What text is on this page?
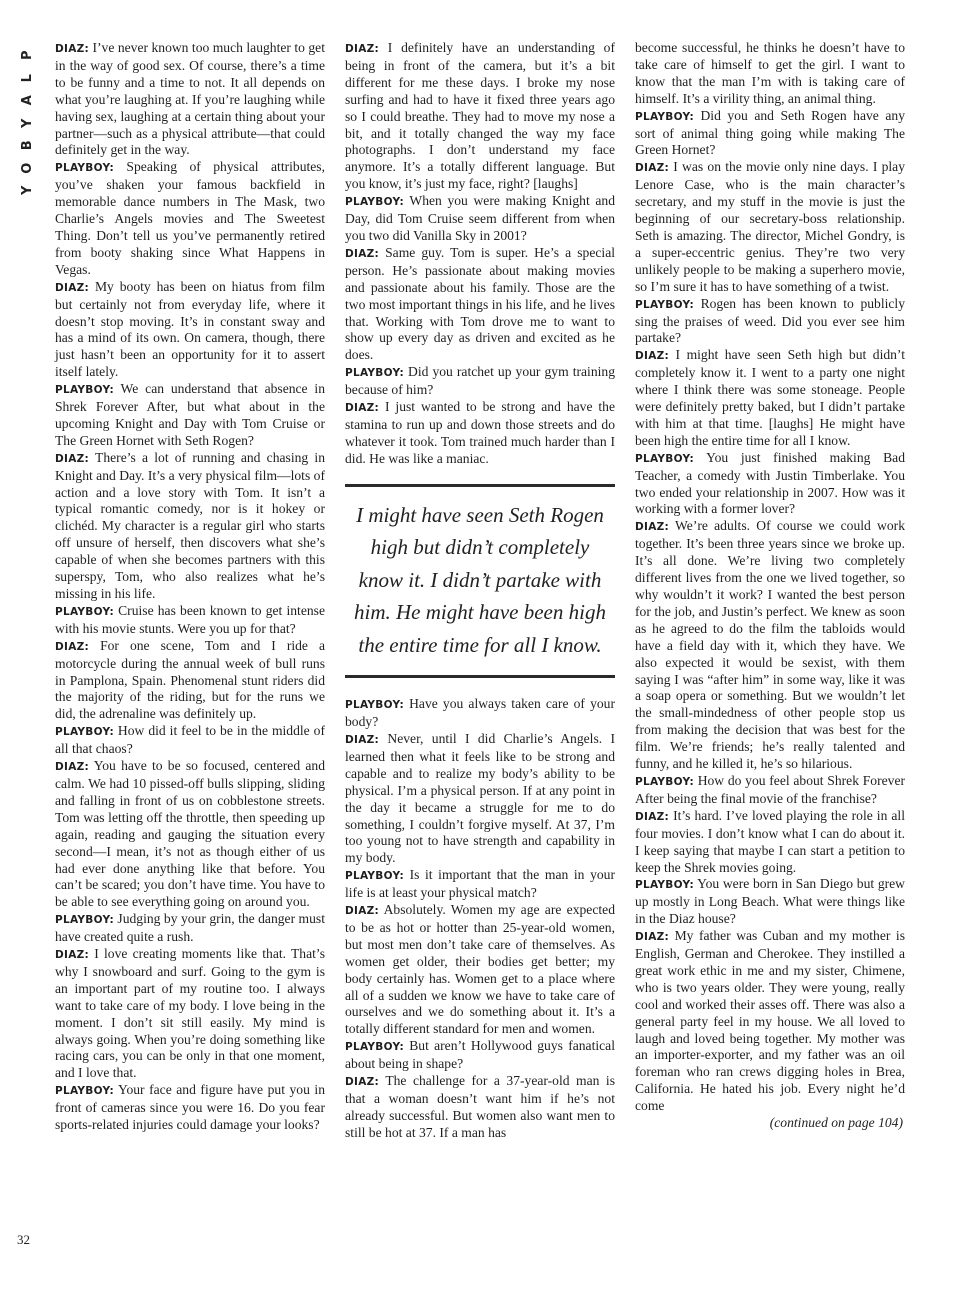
P
L
A
Y
B
O
Y

DIAZ: I’ve never known too much laughter to get in the way of good sex. Of course, there’s a time to be funny and a time to not. It all depends on what you’re laughing at. If you’re laughing while having sex, laughing at a certain thing about your partner—such as a physical attribute—that could definitely get in the way.

PLAYBOY: Speaking of physical attributes, you’ve shaken your famous backfield in memorable dance numbers in The Mask, two Charlie’s Angels movies and The Sweetest Thing. Don’t tell us you’ve permanently retired from booty shaking since What Happens in Vegas.

DIAZ: My booty has been on hiatus from film but certainly not from everyday life, where it doesn’t stop moving. It’s in constant sway and has a mind of its own. On camera, though, there just hasn’t been an opportunity for it to assert itself lately.

PLAYBOY: We can understand that absence in Shrek Forever After, but what about in the upcoming Knight and Day with Tom Cruise or The Green Hornet with Seth Rogen?

DIAZ: There’s a lot of running and chasing in Knight and Day. It’s a very physical film—lots of action and a love story with Tom. It isn’t a typical romantic comedy, nor is it hokey or clichéd. My character is a regular girl who starts off unsure of herself, then discovers what she’s capable of when she becomes partners with this superspy, Tom, who also realizes what he’s missing in his life.

PLAYBOY: Cruise has been known to get intense with his movie stunts. Were you up for that?

DIAZ: For one scene, Tom and I ride a motorcycle during the annual week of bull runs in Pamplona, Spain. Phenomenal stunt riders did the majority of the riding, but for the runs we did, the adrenaline was definitely up.

PLAYBOY: How did it feel to be in the middle of all that chaos?

DIAZ: You have to be so focused, centered and calm. We had 10 pissed-off bulls slipping, sliding and falling in front of us on cobblestone streets. Tom was letting off the throttle, then speeding up again, reading and gauging the situation every second—I mean, it’s not as though either of us had ever done anything like that before. You can’t be scared; you don’t have time. You have to be able to see everything going on around you.

PLAYBOY: Judging by your grin, the danger must have created quite a rush.

DIAZ: I love creating moments like that. That’s why I snowboard and surf. Going to the gym is an important part of my routine too. I always want to take care of my body. I love being in the moment. I don’t sit still easily. My mind is always going. When you’re doing something like racing cars, you can be only in that one moment, and I love that.

PLAYBOY: Your face and figure have put you in front of cameras since you were 16. Do you fear sports-related injuries could damage your looks?

DIAZ: I definitely have an understanding of being in front of the camera, but it’s a bit different for me these days. I broke my nose surfing and had to have it fixed three years ago so I could breathe. They had to move my nose a bit, and it totally changed the way my face photographs. I don’t understand my face anymore. It’s a totally different language. But you know, it’s just my face, right? [laughs]

PLAYBOY: When you were making Knight and Day, did Tom Cruise seem different from when you two did Vanilla Sky in 2001?

DIAZ: Same guy. Tom is super. He’s a special person. He’s passionate about making movies and passionate about his family. Those are the two most important things in his life, and he lives that. Working with Tom drove me to want to show up every day as driven and excited as he does.

PLAYBOY: Did you ratchet up your gym training because of him?

DIAZ: I just wanted to be strong and have the stamina to run up and down those streets and do whatever it took. Tom trained much harder than I did. He was like a maniac.

I might have seen Seth Rogen high but didn’t completely know it. I didn’t partake with him. He might have been high the entire time for all I know.

PLAYBOY: Have you always taken care of your body?

DIAZ: Never, until I did Charlie’s Angels. I learned then what it feels like to be strong and capable and to realize my body’s ability to be physical. I’m a physical person. If at any point in the day it became a struggle for me to do something, I couldn’t forgive myself. At 37, I’m too young not to have strength and capability in my body.

PLAYBOY: Is it important that the man in your life is at least your physical match?

DIAZ: Absolutely. Women my age are expected to be as hot or hotter than 25-year-old women, but most men don’t take care of themselves. As women get older, their bodies get better; my body certainly has. Women get to a place where all of a sudden we know we have to take care of ourselves and we do something about it. It’s a totally different standard for men and women.

PLAYBOY: But aren’t Hollywood guys fanatical about being in shape?

DIAZ: The challenge for a 37-year-old man is that a woman doesn’t want him if he’s not already successful. But women also want men to still be hot at 37. If a man has

become successful, he thinks he doesn’t have to take care of himself to get the girl. I want to know that the man I’m with is taking care of himself. It’s a virility thing, an animal thing.

PLAYBOY: Did you and Seth Rogen have any sort of animal thing going while making The Green Hornet?

DIAZ: I was on the movie only nine days. I play Lenore Case, who is the main character’s secretary, and my stuff in the movie is just the beginning of our secretary-boss relationship. Seth is amazing. The director, Michel Gondry, is a super-eccentric genius. They’re two very unlikely people to be making a superhero movie, so I’m sure it has to have something of a twist.

PLAYBOY: Rogen has been known to publicly sing the praises of weed. Did you ever see him partake?

DIAZ: I might have seen Seth high but didn’t completely know it. I went to a party one night where I think there was some stoneage. People were definitely pretty baked, but I didn’t partake with him at that time. [laughs] He might have been high the entire time for all I know.

PLAYBOY: You just finished making Bad Teacher, a comedy with Justin Timberlake. You two ended your relationship in 2007. How was it working with a former lover?

DIAZ: We’re adults. Of course we could work together. It’s been three years since we broke up. It’s all done. We’re living two completely different lives from the one we lived together, so why wouldn’t it work? I wanted the best person for the job, and Justin’s perfect. We knew as soon as he agreed to do the film the tabloids would have a field day with it, which they have. We also expected it would be sexist, with them saying I was “after him” in some way, like it was a soap opera or something. But we wouldn’t let the small-mindedness of other people stop us from making the decision that was best for the film. We’re friends; he’s really talented and funny, and he killed it, he’s so hilarious.

PLAYBOY: How do you feel about Shrek Forever After being the final movie of the franchise?

DIAZ: It’s hard. I’ve loved playing the role in all four movies. I don’t know what I can do about it. I keep saying that maybe I can start a petition to keep the Shrek movies going.

PLAYBOY: You were born in San Diego but grew up mostly in Long Beach. What were things like in the Diaz house?

DIAZ: My father was Cuban and my mother is English, German and Cherokee. They instilled a great work ethic in me and my sister, Chimene, who is two years older. They were young, really cool and worked their asses off. There was also a general party feel in my house. We all loved to laugh and loved being together. My mother was an importer-exporter, and my father was an oil foreman who ran crews digging holes in Brea, California. He hated his job. Every night he’d come

(continued on page 104)

32
